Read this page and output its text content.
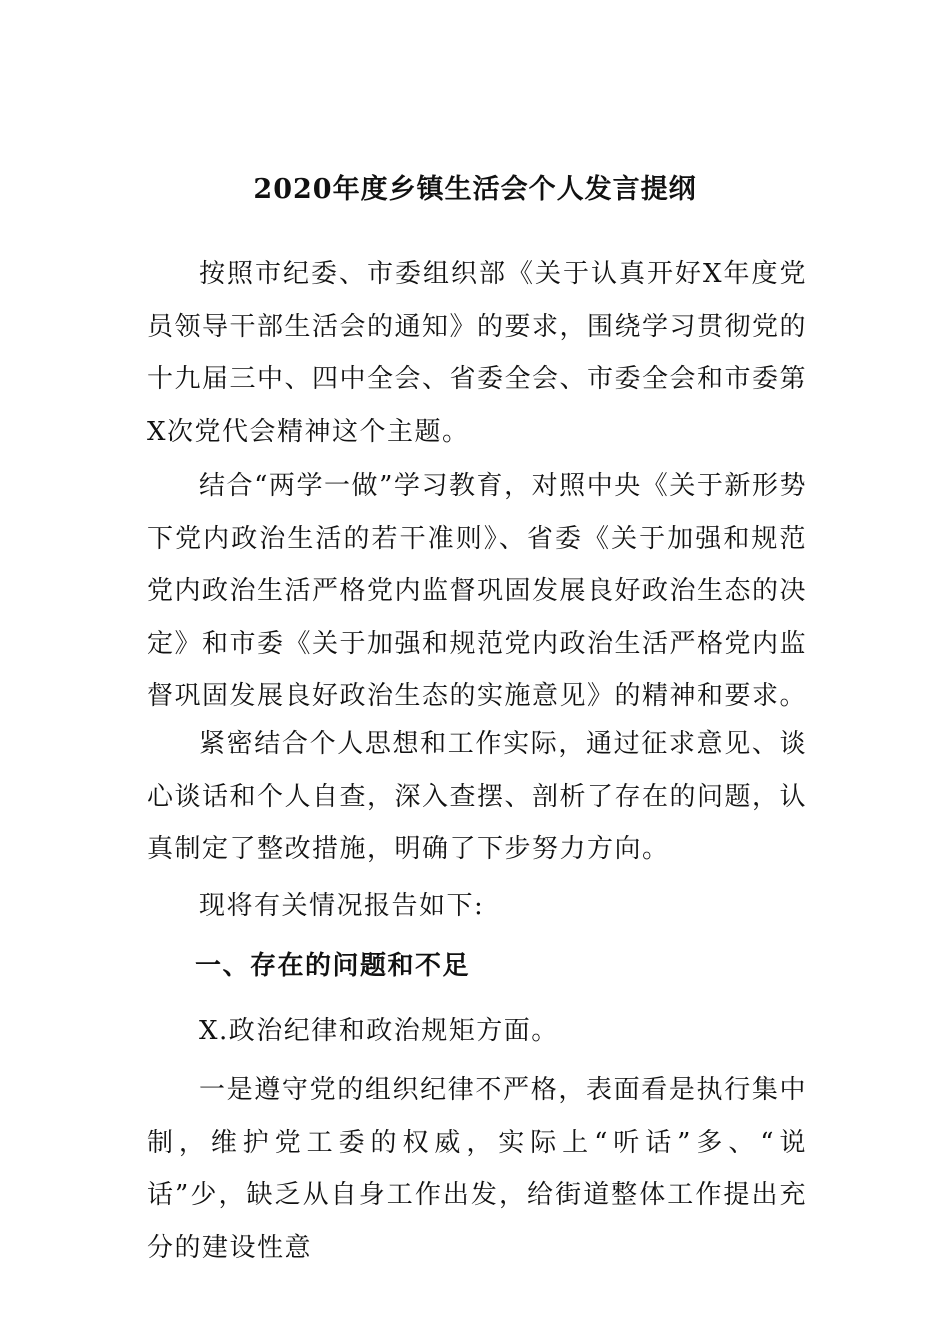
2020年度乡镇生活会个人发言提纲

按照市纪委、市委组织部《关于认真开好X年度党员领导干部生活会的通知》的要求，围绕学习贯彻党的十九届三中、四中全会、省委全会、市委全会和市委第X次党代会精神这个主题。

结合“两学一做”学习教育，对照中央《关于新形势下党内政治生活的若干准则》、省委《关于加强和规范党内政治生活严格党内监督巩固发展良好政治生态的决定》和市委《关于加强和规范党内政治生活严格党内监督巩固发展良好政治生态的实施意见》的精神和要求。

紧密结合个人思想和工作实际，通过征求意见、谈心谈话和个人自查，深入查摆、剖析了存在的问题，认真制定了整改措施，明确了下步努力方向。

现将有关情况报告如下:

一、存在的问题和不足

X.政治纪律和政治规矩方面。

一是遵守党的组织纪律不严格，表面看是执行集中制，维护党工委的权威，实际上“听话”多、“说话”少，缺乏从自身工作出发，给街道整体工作提出充分的建设性意
